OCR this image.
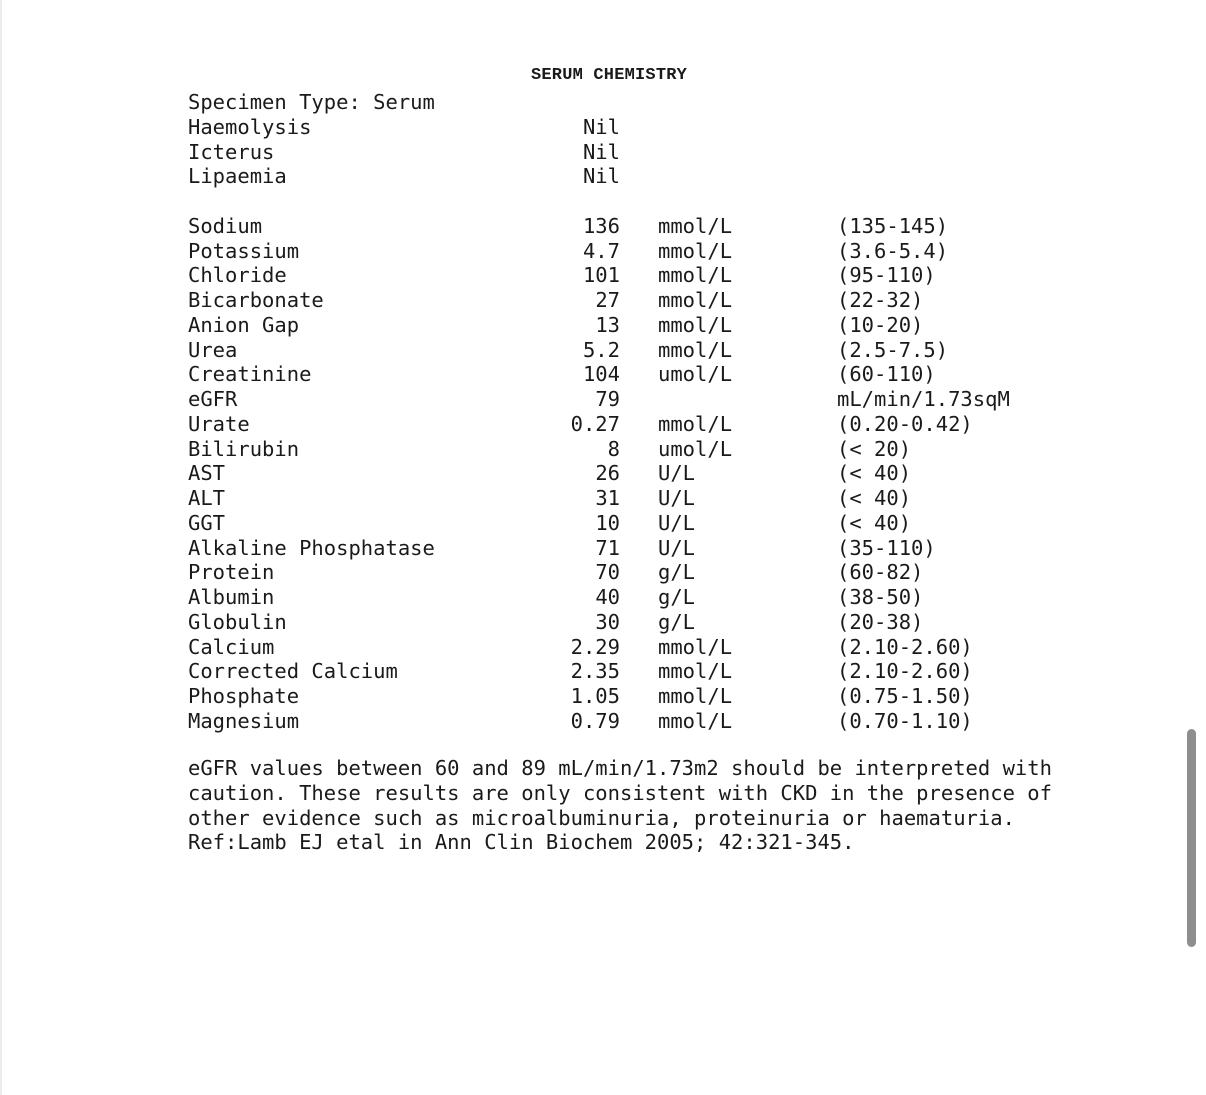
SERUM CHEMISTRY

Specimen Type: Serum

Haemolysis	Nil
Icterus	Nil
Lipaemia	Nil
Sodium	136 mmol/L	(135-145)
Potassium	4.7 mmol/L	(3.6-5.4)
Chloride	101 mmol/L	(95-110)
Bicarbonate	27 mmol/L	(22-32)
Anion Gap	13 mmol/L	(10-20)
Urea	5.2 mmol/L	(2.5-7.5)
Creatinine	104 umol/L	(60-110)
eGFR	79	mL/min/1.73sqM
Urate	0.27 mmol/L	(0.20-0.42)
Bilirubin	8 umol/L	(< 20)
AST	26 U/L	(< 40)
ALT	31 U/L	(< 40)
GGT	10 U/L	(< 40)
Alkaline Phosphatase	71 U/L	(35-110)
Protein	70 g/L	(60-82)
Albumin	40 g/L	(38-50)
Globulin	30 g/L	(20-38)
Calcium	2.29 mmol/L	(2.10-2.60)
Corrected Calcium	2.35 mmol/L	(2.10-2.60)
Phosphate	1.05 mmol/L	(0.75-1.50)
Magnesium	0.79 mmol/L	(0.70-1.10)
eGFR values between 60 and 89 mL/min/1.73m2 should be interpreted with
caution. These results are only consistent with CKD in the presence of
other evidence such as microalbuminuria, proteinuria or haematuria.
Ref:Lamb EJ etal in Ann Clin Biochem 2005; 42:321-345.
